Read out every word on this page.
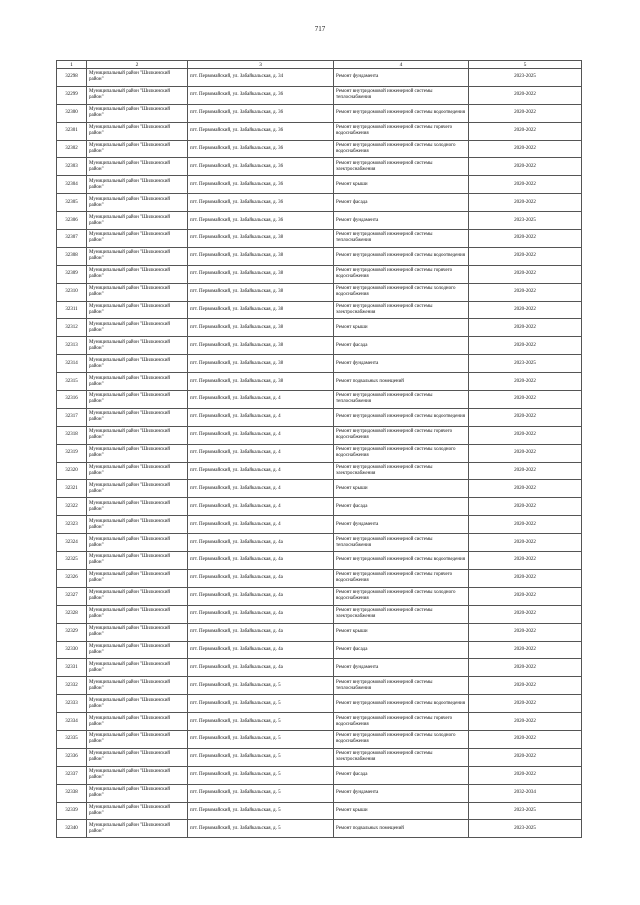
717
1	2	3	4	5
32298	Муниципальный район "Шилкинский район"	пгт. Первомайский, ул. Забайкальская, д. 34	Ремонт фундамента	2023-2025
32299	Муниципальный район "Шилкинский район"	пгт. Первомайский, ул. Забайкальская, д. 36	Ремонт внутридомовой инженерной системы теплоснабжения	2020-2022
32300	Муниципальный район "Шилкинский район"	пгт. Первомайский, ул. Забайкальская, д. 36	Ремонт внутридомовой инженерной системы водоотведения	2020-2022
32301	Муниципальный район "Шилкинский район"	пгт. Первомайский, ул. Забайкальская, д. 36	Ремонт внутридомовой инженерной системы горячего водоснабжения	2020-2022
32302	Муниципальный район "Шилкинский район"	пгт. Первомайский, ул. Забайкальская, д. 36	Ремонт внутридомовой инженерной системы холодного водоснабжения	2020-2022
32303	Муниципальный район "Шилкинский район"	пгт. Первомайский, ул. Забайкальская, д. 36	Ремонт внутридомовой инженерной системы электроснабжения	2020-2022
32304	Муниципальный район "Шилкинский район"	пгт. Первомайский, ул. Забайкальская, д. 36	Ремонт крыши	2020-2022
32305	Муниципальный район "Шилкинский район"	пгт. Первомайский, ул. Забайкальская, д. 36	Ремонт фасада	2020-2022
32306	Муниципальный район "Шилкинский район"	пгт. Первомайский, ул. Забайкальская, д. 36	Ремонт фундамента	2023-2025
32307	Муниципальный район "Шилкинский район"	пгт. Первомайский, ул. Забайкальская, д. 38	Ремонт внутридомовой инженерной системы теплоснабжения	2020-2022
32308	Муниципальный район "Шилкинский район"	пгт. Первомайский, ул. Забайкальская, д. 38	Ремонт внутридомовой инженерной системы водоотведения	2020-2022
32309	Муниципальный район "Шилкинский район"	пгт. Первомайский, ул. Забайкальская, д. 38	Ремонт внутридомовой инженерной системы горячего водоснабжения	2020-2022
32310	Муниципальный район "Шилкинский район"	пгт. Первомайский, ул. Забайкальская, д. 38	Ремонт внутридомовой инженерной системы холодного водоснабжения	2020-2022
32311	Муниципальный район "Шилкинский район"	пгт. Первомайский, ул. Забайкальская, д. 38	Ремонт внутридомовой инженерной системы электроснабжения	2020-2022
32312	Муниципальный район "Шилкинский район"	пгт. Первомайский, ул. Забайкальская, д. 38	Ремонт крыши	2020-2022
32313	Муниципальный район "Шилкинский район"	пгт. Первомайский, ул. Забайкальская, д. 38	Ремонт фасада	2020-2022
32314	Муниципальный район "Шилкинский район"	пгт. Первомайский, ул. Забайкальская, д. 38	Ремонт фундамента	2023-2025
32315	Муниципальный район "Шилкинский район"	пгт. Первомайский, ул. Забайкальская, д. 38	Ремонт подвальных помещений	2020-2022
32316	Муниципальный район "Шилкинский район"	пгт. Первомайский, ул. Забайкальская, д. 4	Ремонт внутридомовой инженерной системы теплоснабжения	2020-2022
32317	Муниципальный район "Шилкинский район"	пгт. Первомайский, ул. Забайкальская, д. 4	Ремонт внутридомовой инженерной системы водоотведения	2020-2022
32318	Муниципальный район "Шилкинский район"	пгт. Первомайский, ул. Забайкальская, д. 4	Ремонт внутридомовой инженерной системы горячего водоснабжения	2020-2022
32319	Муниципальный район "Шилкинский район"	пгт. Первомайский, ул. Забайкальская, д. 4	Ремонт внутридомовой инженерной системы холодного водоснабжения	2020-2022
32320	Муниципальный район "Шилкинский район"	пгт. Первомайский, ул. Забайкальская, д. 4	Ремонт внутридомовой инженерной системы электроснабжения	2020-2022
32321	Муниципальный район "Шилкинский район"	пгт. Первомайский, ул. Забайкальская, д. 4	Ремонт крыши	2020-2022
32322	Муниципальный район "Шилкинский район"	пгт. Первомайский, ул. Забайкальская, д. 4	Ремонт фасада	2020-2022
32323	Муниципальный район "Шилкинский район"	пгт. Первомайский, ул. Забайкальская, д. 4	Ремонт фундамента	2020-2022
32324	Муниципальный район "Шилкинский район"	пгт. Первомайский, ул. Забайкальская, д. 4а	Ремонт внутридомовой инженерной системы теплоснабжения	2020-2022
32325	Муниципальный район "Шилкинский район"	пгт. Первомайский, ул. Забайкальская, д. 4а	Ремонт внутридомовой инженерной системы водоотведения	2020-2022
32326	Муниципальный район "Шилкинский район"	пгт. Первомайский, ул. Забайкальская, д. 4а	Ремонт внутридомовой инженерной системы горячего водоснабжения	2020-2022
32327	Муниципальный район "Шилкинский район"	пгт. Первомайский, ул. Забайкальская, д. 4а	Ремонт внутридомовой инженерной системы холодного водоснабжения	2020-2022
32328	Муниципальный район "Шилкинский район"	пгт. Первомайский, ул. Забайкальская, д. 4а	Ремонт внутридомовой инженерной системы электроснабжения	2020-2022
32329	Муниципальный район "Шилкинский район"	пгт. Первомайский, ул. Забайкальская, д. 4а	Ремонт крыши	2020-2022
32330	Муниципальный район "Шилкинский район"	пгт. Первомайский, ул. Забайкальская, д. 4а	Ремонт фасада	2020-2022
32331	Муниципальный район "Шилкинский район"	пгт. Первомайский, ул. Забайкальская, д. 4а	Ремонт фундамента	2020-2022
32332	Муниципальный район "Шилкинский район"	пгт. Первомайский, ул. Забайкальская, д. 5	Ремонт внутридомовой инженерной системы теплоснабжения	2020-2022
32333	Муниципальный район "Шилкинский район"	пгт. Первомайский, ул. Забайкальская, д. 5	Ремонт внутридомовой инженерной системы водоотведения	2020-2022
32334	Муниципальный район "Шилкинский район"	пгт. Первомайский, ул. Забайкальская, д. 5	Ремонт внутридомовой инженерной системы горячего водоснабжения	2020-2022
32335	Муниципальный район "Шилкинский район"	пгт. Первомайский, ул. Забайкальская, д. 5	Ремонт внутридомовой инженерной системы холодного водоснабжения	2020-2022
32336	Муниципальный район "Шилкинский район"	пгт. Первомайский, ул. Забайкальская, д. 5	Ремонт внутридомовой инженерной системы электроснабжения	2020-2022
32337	Муниципальный район "Шилкинский район"	пгт. Первомайский, ул. Забайкальская, д. 5	Ремонт фасада	2020-2022
32338	Муниципальный район "Шилкинский район"	пгт. Первомайский, ул. Забайкальская, д. 5	Ремонт фундамента	2032-2034
32339	Муниципальный район "Шилкинский район"	пгт. Первомайский, ул. Забайкальская, д. 5	Ремонт крыши	2023-2025
32340	Муниципальный район "Шилкинский район"	пгт. Первомайский, ул. Забайкальская, д. 5	Ремонт подвальных помещений	2023-2025
